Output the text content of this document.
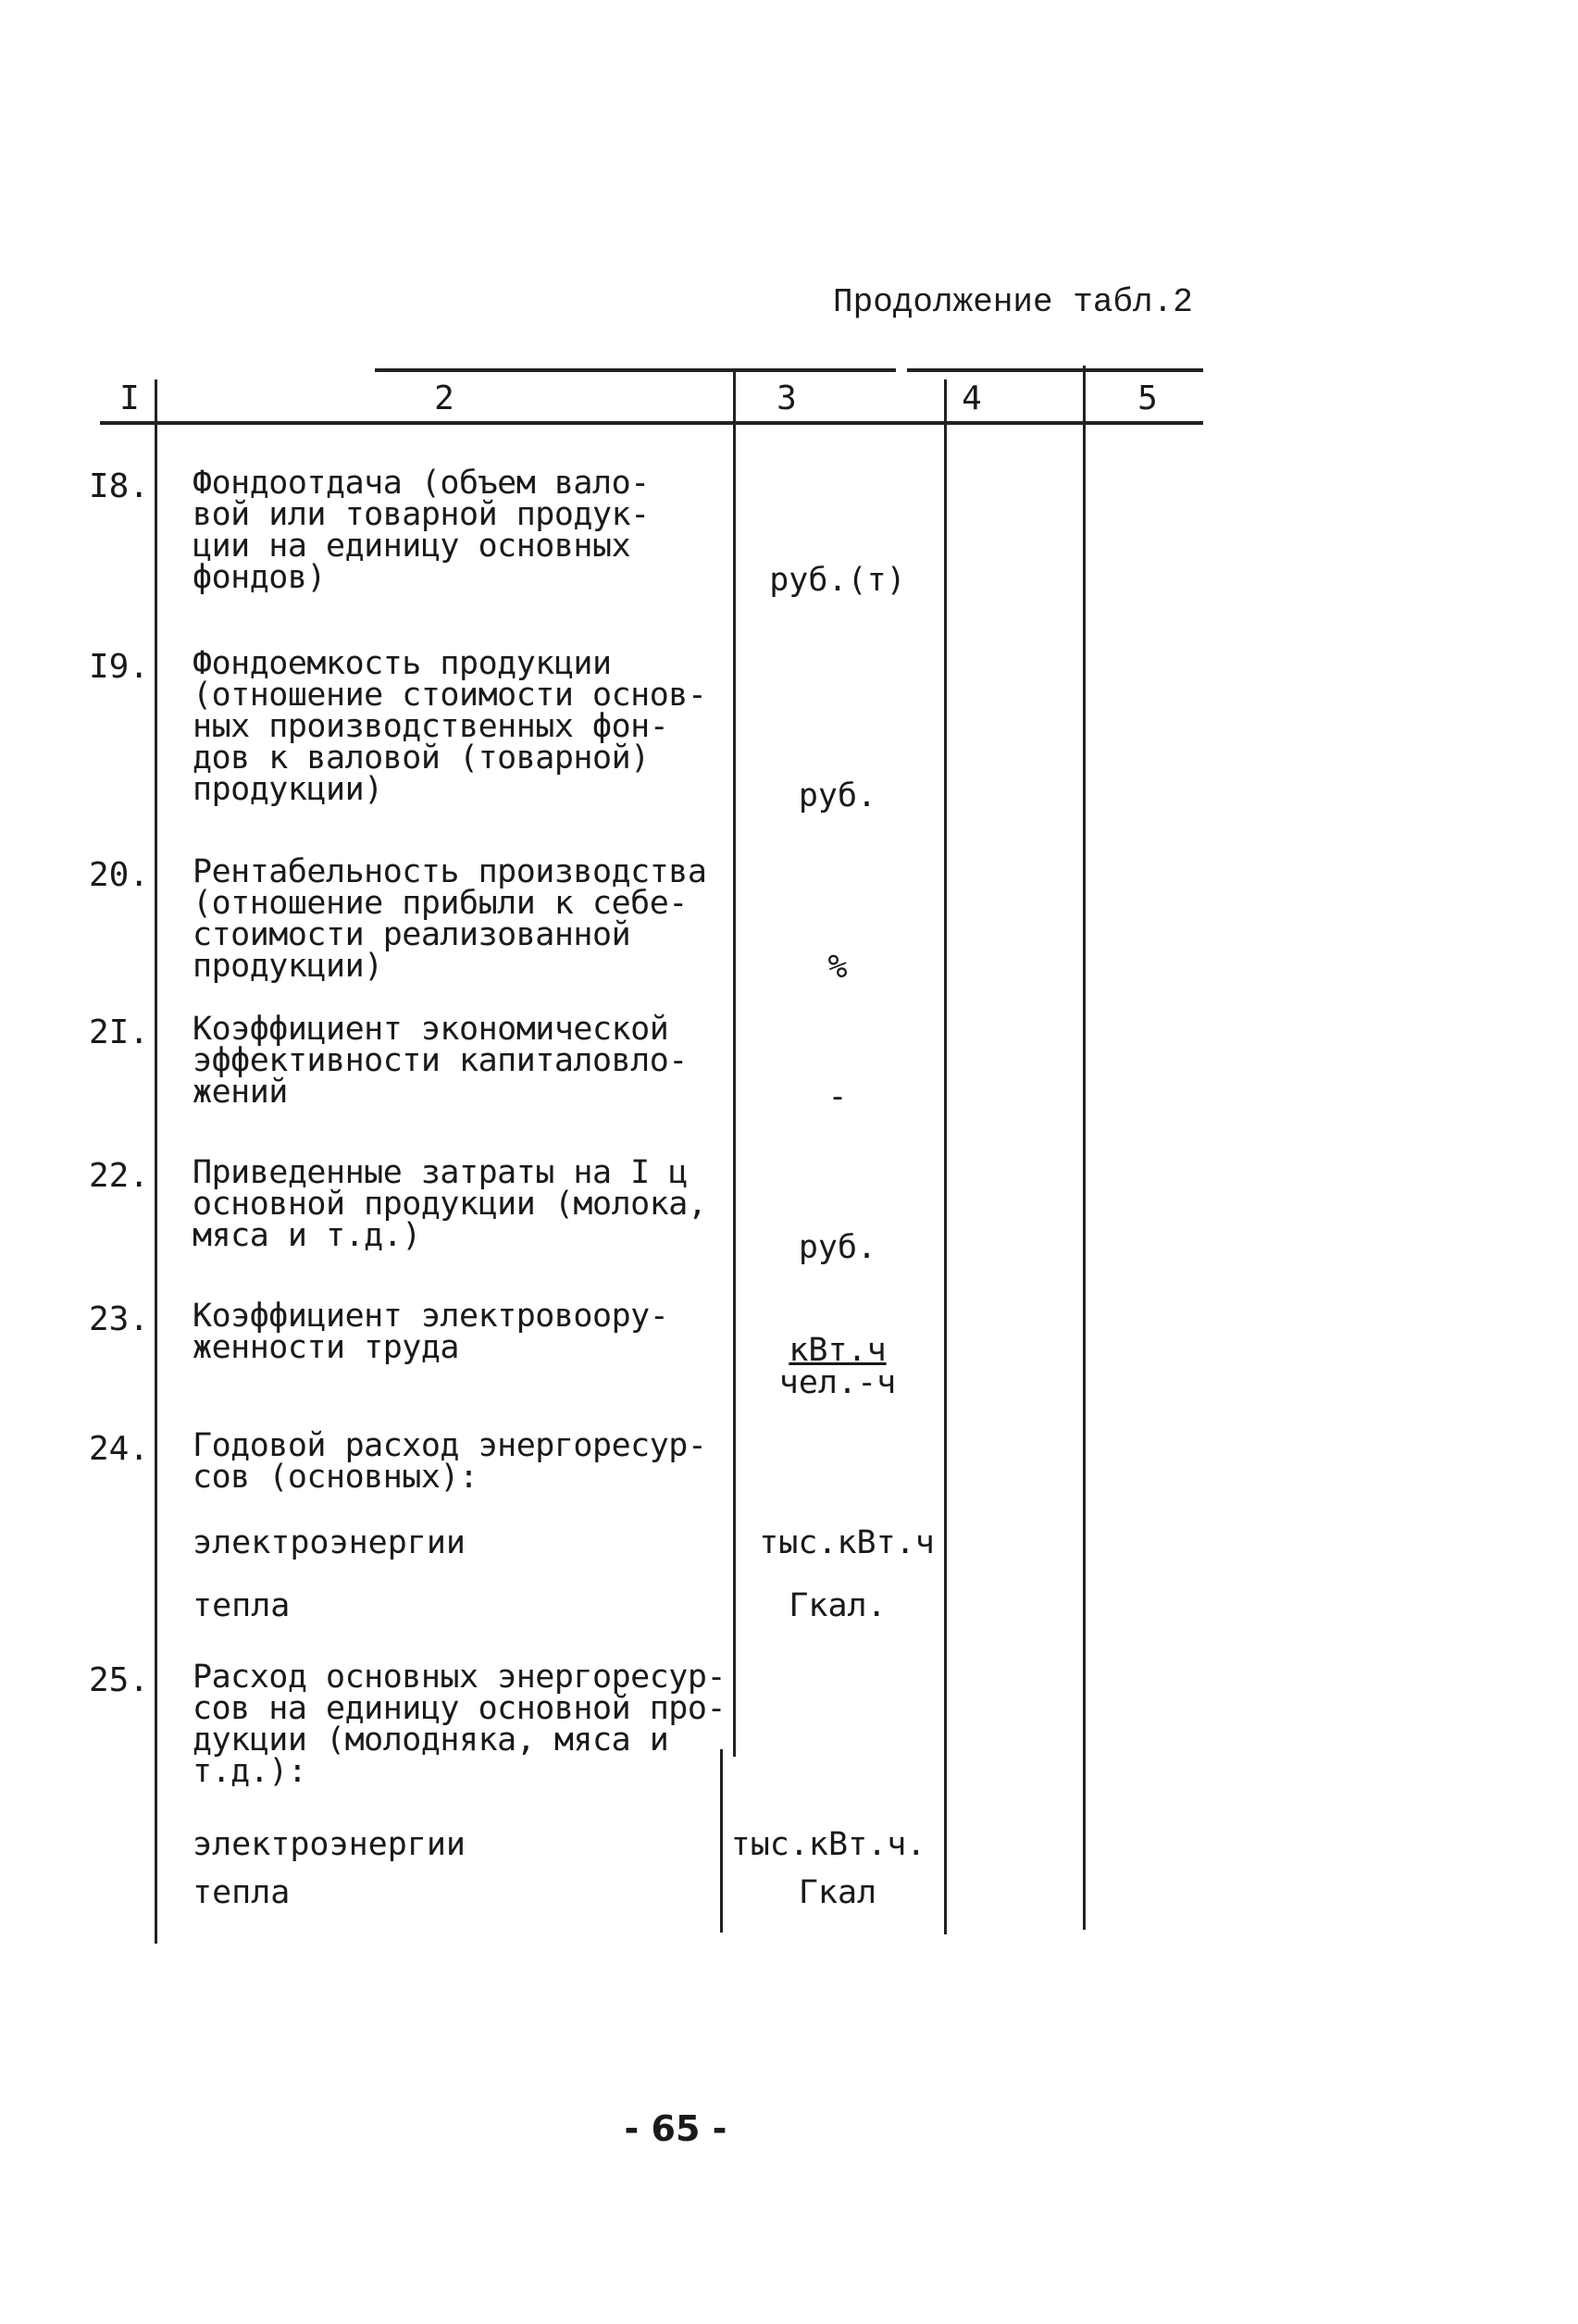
Продолжение табл.2
I	2	3	4	5
I8. Фондоотдача (объем вало-
вой или товарной продук-
ции на единицу основных
фондов)	руб.(т)
I9. Фондоемкость продукции
(отношение стоимости основ-
ных производственных фон-
дов к валовой (товарной)
продукции)	руб.
20. Рентабельность производства
(отношение прибыли к себе-
стоимости реализованной
продукции)	%
2I. Коэффициент экономической
эффективности капиталовло-
жений	-
22. Приведенные затраты на I ц
основной продукции (молока,
мяса и т.д.)	руб.
23. Коэффициент электровоору-
женности труда	кВт.ч
чел.-ч
24. Годовой расход энергоресур-
сов (основных):
электроэнергии	тыс.кВт.ч
тепла	Гкал.
25. Расход основных энергоресур-
сов на единицу основной про-
дукции (молодняка, мяса и
т.д.):
электроэнергии	тыс.кВт.ч.
тепла	Гкал
- 65 -
